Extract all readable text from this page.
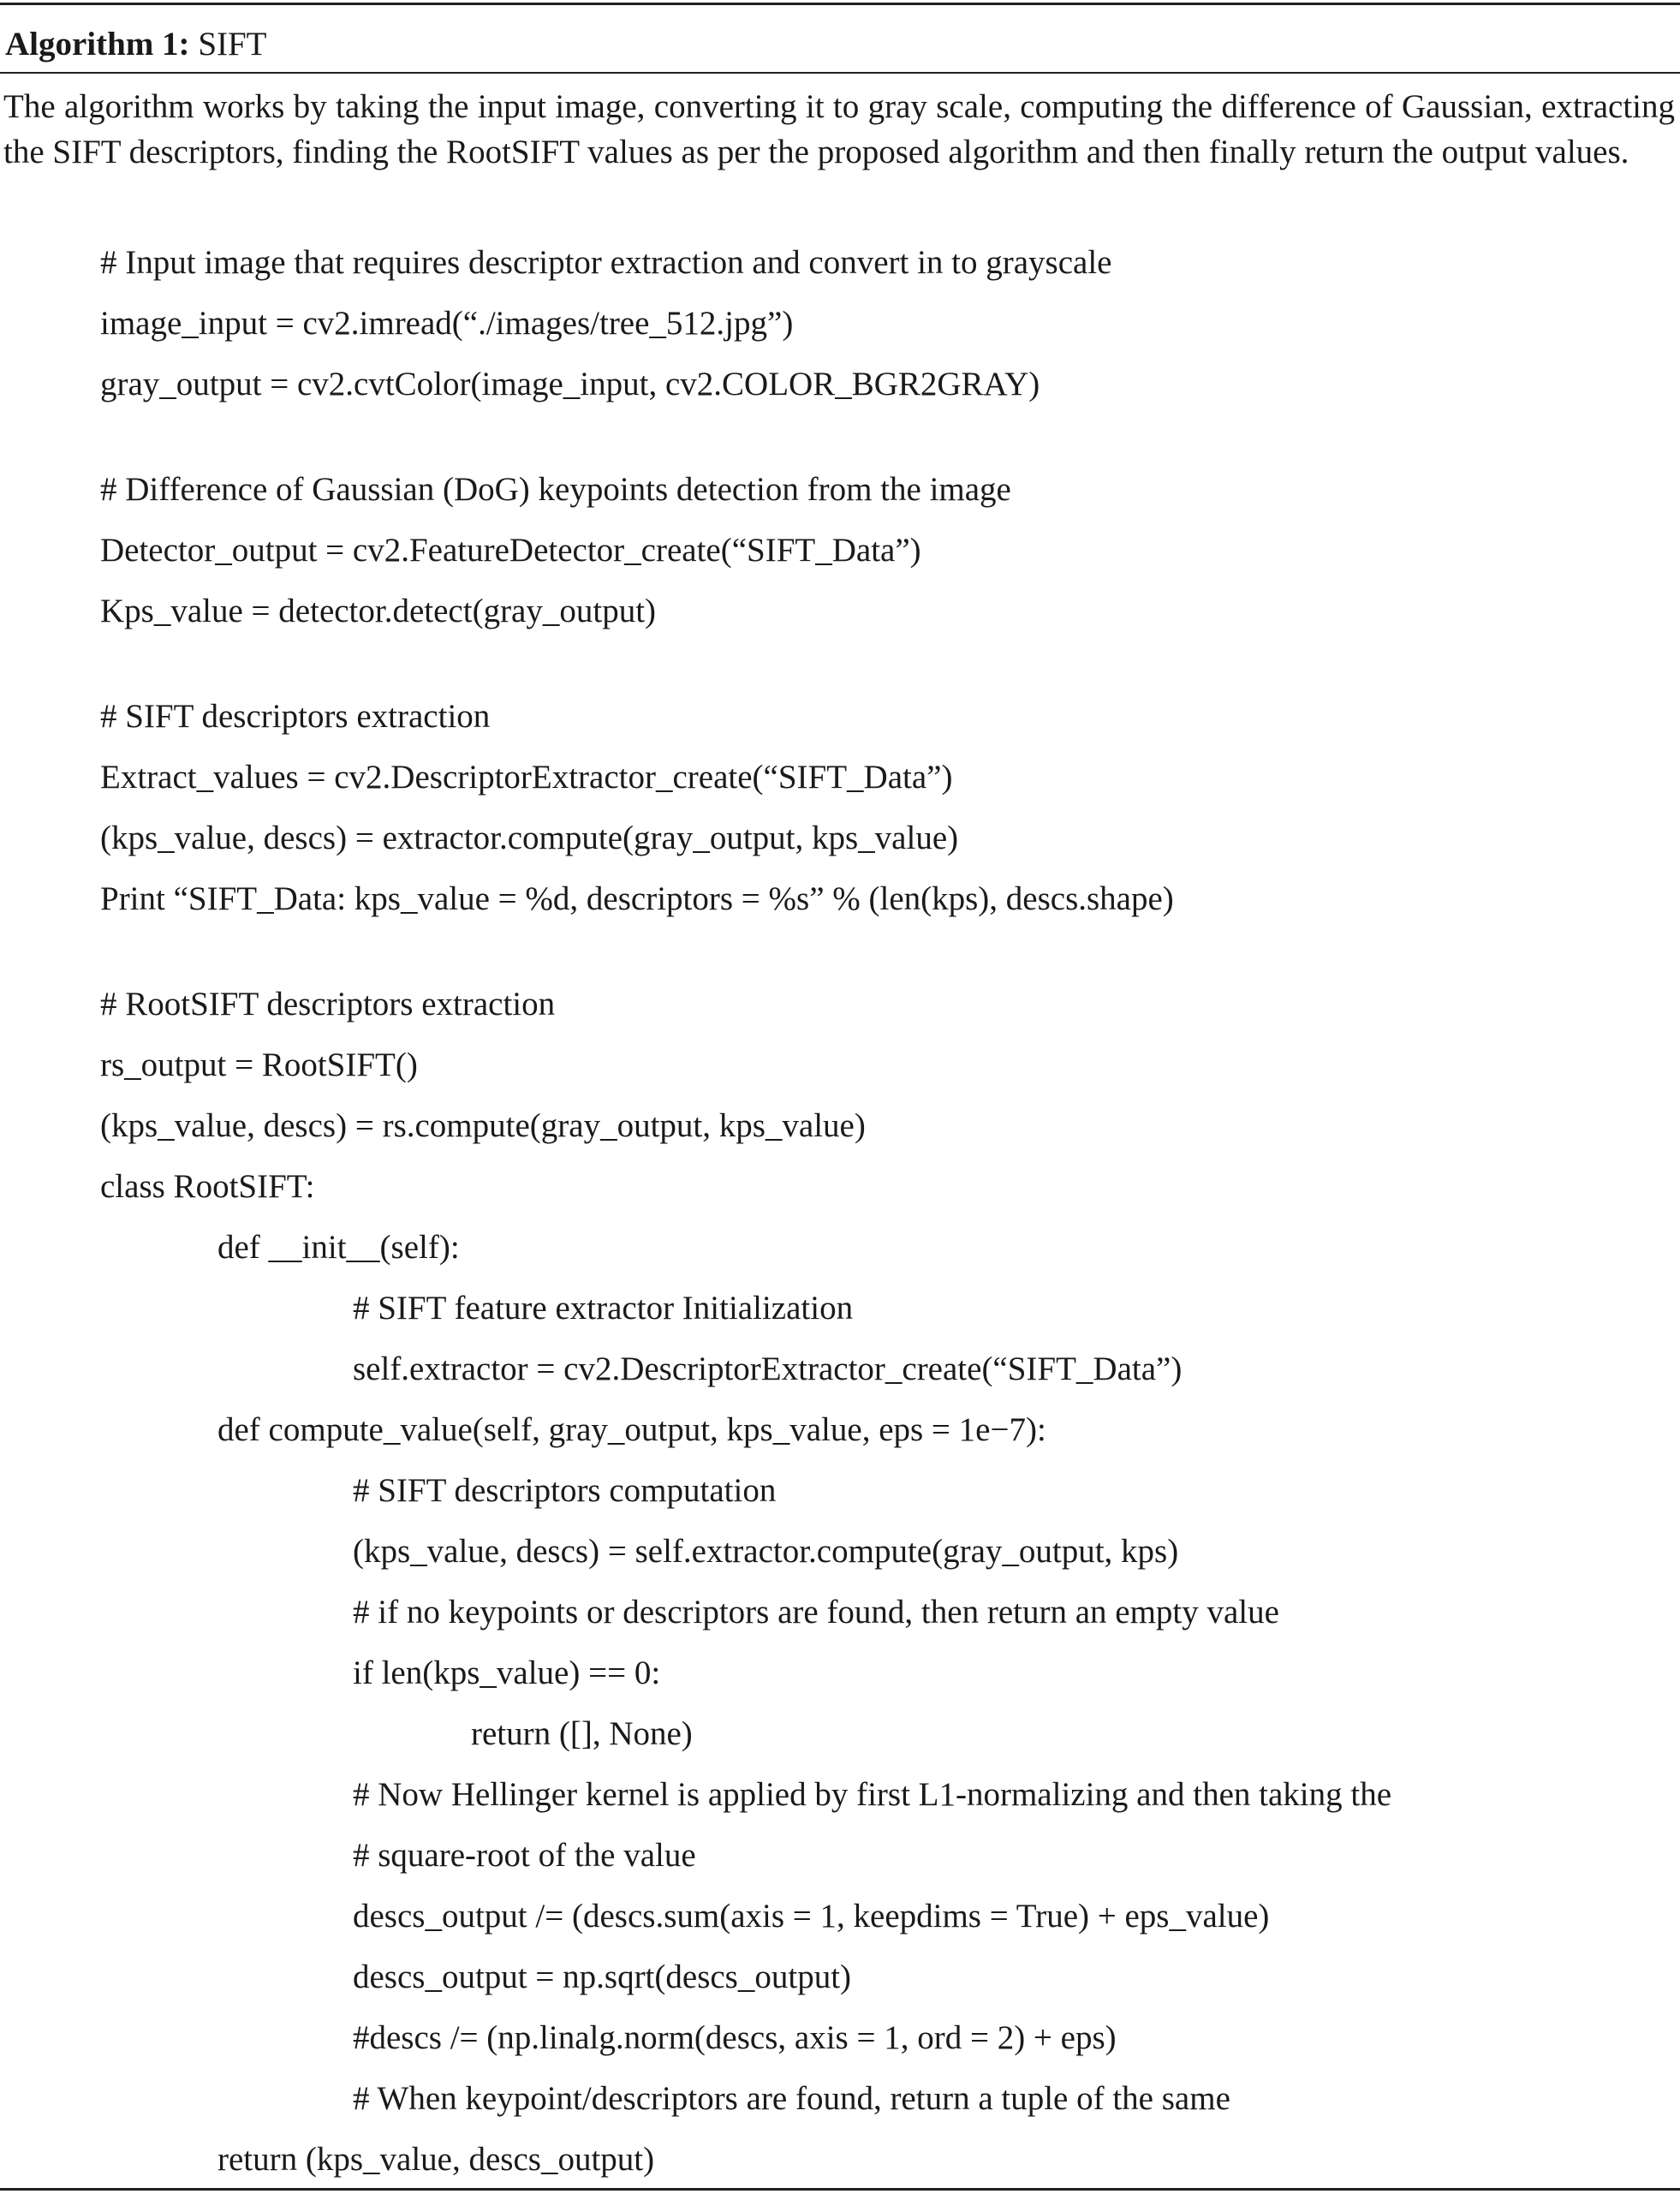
Algorithm 1: SIFT
The algorithm works by taking the input image, converting it to gray scale, computing the difference of Gaussian, extracting the SIFT descriptors, finding the RootSIFT values as per the proposed algorithm and then finally return the output values.
# Input image that requires descriptor extraction and convert in to grayscale
image_input = cv2.imread(“./images/tree_512.jpg”)
gray_output = cv2.cvtColor(image_input, cv2.COLOR_BGR2GRAY)
# Difference of Gaussian (DoG) keypoints detection from the image
Detector_output = cv2.FeatureDetector_create(“SIFT_Data”)
Kps_value = detector.detect(gray_output)
# SIFT descriptors extraction
Extract_values = cv2.DescriptorExtractor_create(“SIFT_Data”)
(kps_value, descs) = extractor.compute(gray_output, kps_value)
Print “SIFT_Data: kps_value = %d, descriptors = %s” % (len(kps), descs.shape)
# RootSIFT descriptors extraction
rs_output = RootSIFT()
(kps_value, descs) = rs.compute(gray_output, kps_value)
class RootSIFT:
def __init__(self):
# SIFT feature extractor Initialization
self.extractor = cv2.DescriptorExtractor_create(“SIFT_Data”)
def compute_value(self, gray_output, kps_value, eps = 1e−7):
# SIFT descriptors computation
(kps_value, descs) = self.extractor.compute(gray_output, kps)
# if no keypoints or descriptors are found, then return an empty value
if len(kps_value) == 0:
return ([], None)
# Now Hellinger kernel is applied by first L1-normalizing and then taking the
# square-root of the value
descs_output /= (descs.sum(axis = 1, keepdims = True) + eps_value)
descs_output = np.sqrt(descs_output)
#descs /= (np.linalg.norm(descs, axis = 1, ord = 2) + eps)
# When keypoint/descriptors are found, return a tuple of the same
return (kps_value, descs_output)
